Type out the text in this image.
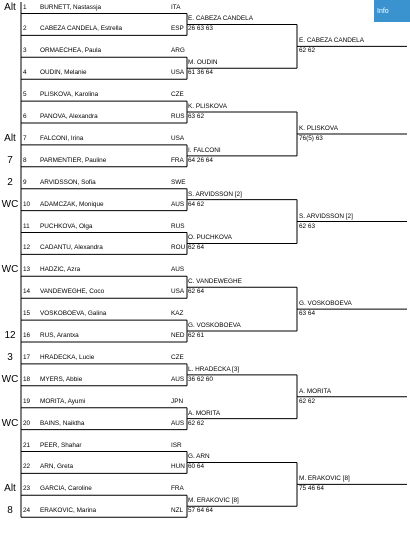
Alt	1 BURNETT, Nastassja	ITA
2 CABEZA CANDELA, Estrella	ESP
3 ORMAECHEA, Paula	ARG
4 OUDIN, Melanie	USA
5 PLISKOVA, Karolina	CZE
6 PANOVA, Alexandra	RUS
Alt	7 FALCONI, Irina	USA
7	8 PARMENTIER, Pauline	FRA
2	9 ARVIDSSON, Sofia	SWE
WC 10 ADAMCZAK, Monique	AUS
11 PUCHKOVA, Olga	RUS
12 CADANTU, Alexandra	ROU
WC 13 HADZIC, Azra	AUS
14 VANDEWEGHE, Coco	USA
15 VOSKOBOEVA, Galina	KAZ
12	16 RUS, Arantxa	NED
3	17 HRADECKA, Lucie	CZE
WC 18 MYERS, Abbie	AUS
19 MORITA, Ayumi	JPN
WC 20 BAINS, Naiktha	AUS
21 PEER, Shahar	ISR
22 ARN, Greta	HUN
Alt	23 GARCIA, Caroline	FRA
8	24 ERAKOVIC, Marina	NZL
E. CABEZA CANDELA
26 63 63
M. OUDIN
61 36 64
K. PLISKOVA
63 62
I. FALCONI
64 26 64
S. ARVIDSSON [2]
64 62
O. PUCHKOVA
62 64
C. VANDEWEGHE
62 64
G. VOSKOBOEVA
62 61
L. HRADECKA [3]
36 62 60
A. MORITA
62 62
G. ARN
60 64
M. ERAKOVIC [8]
57 64 64
E. CABEZA CANDELA
62 62
K. PLISKOVA
76(5) 63
S. ARVIDSSON [2]
62 63
G. VOSKOBOEVA
63 64
A. MORITA
62 62
M. ERAKOVIC [8]
75 46 64
Info
